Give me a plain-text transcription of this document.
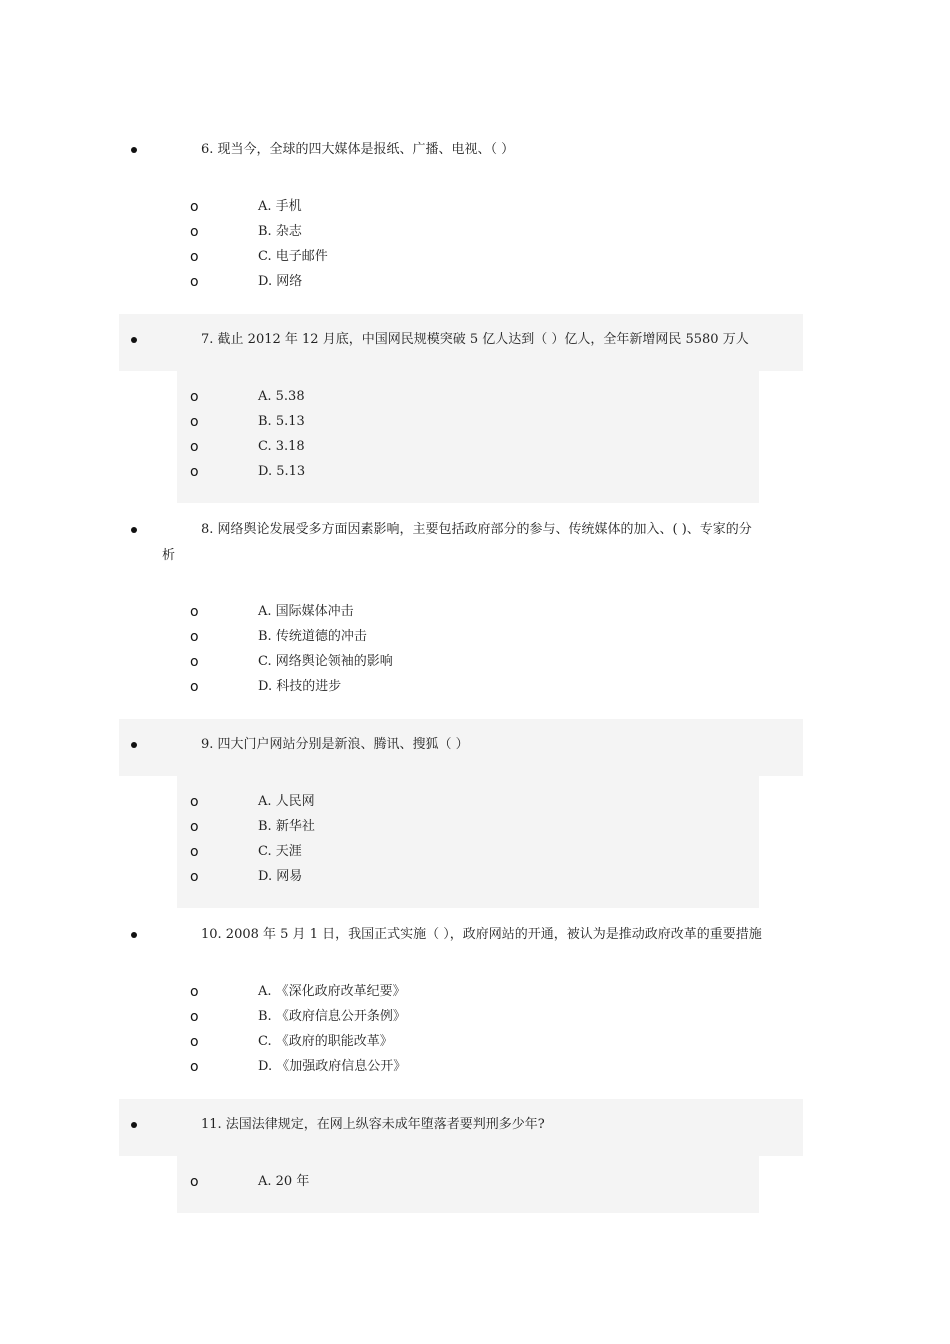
6. 现当今，全球的四大媒体是报纸、广播、电视、（ ）
o	A. 手机
o	B. 杂志
o	C. 电子邮件
o	D. 网络
7. 截止 2012 年 12 月底，中国网民规模突破 5 亿人达到（ ）亿人，全年新增网民 5580 万人
o	A. 5.38
o	B. 5.13
o	C. 3.18
o	D. 5.13
8. 网络舆论发展受多方面因素影响，主要包括政府部分的参与、传统媒体的加入、( )、专家的分析
o	A. 国际媒体冲击
o	B. 传统道德的冲击
o	C. 网络舆论领袖的影响
o	D. 科技的进步
9. 四大门户网站分别是新浪、腾讯、搜狐（ ）
o	A. 人民网
o	B. 新华社
o	C. 天涯
o	D. 网易
10. 2008 年 5 月 1 日，我国正式实施（ ），政府网站的开通，被认为是推动政府改革的重要措施
o	A. 《深化政府改革纪要》
o	B. 《政府信息公开条例》
o	C. 《政府的职能改革》
o	D. 《加强政府信息公开》
11. 法国法律规定，在网上纵容未成年堕落者要判刑多少年?
o	A. 20 年
